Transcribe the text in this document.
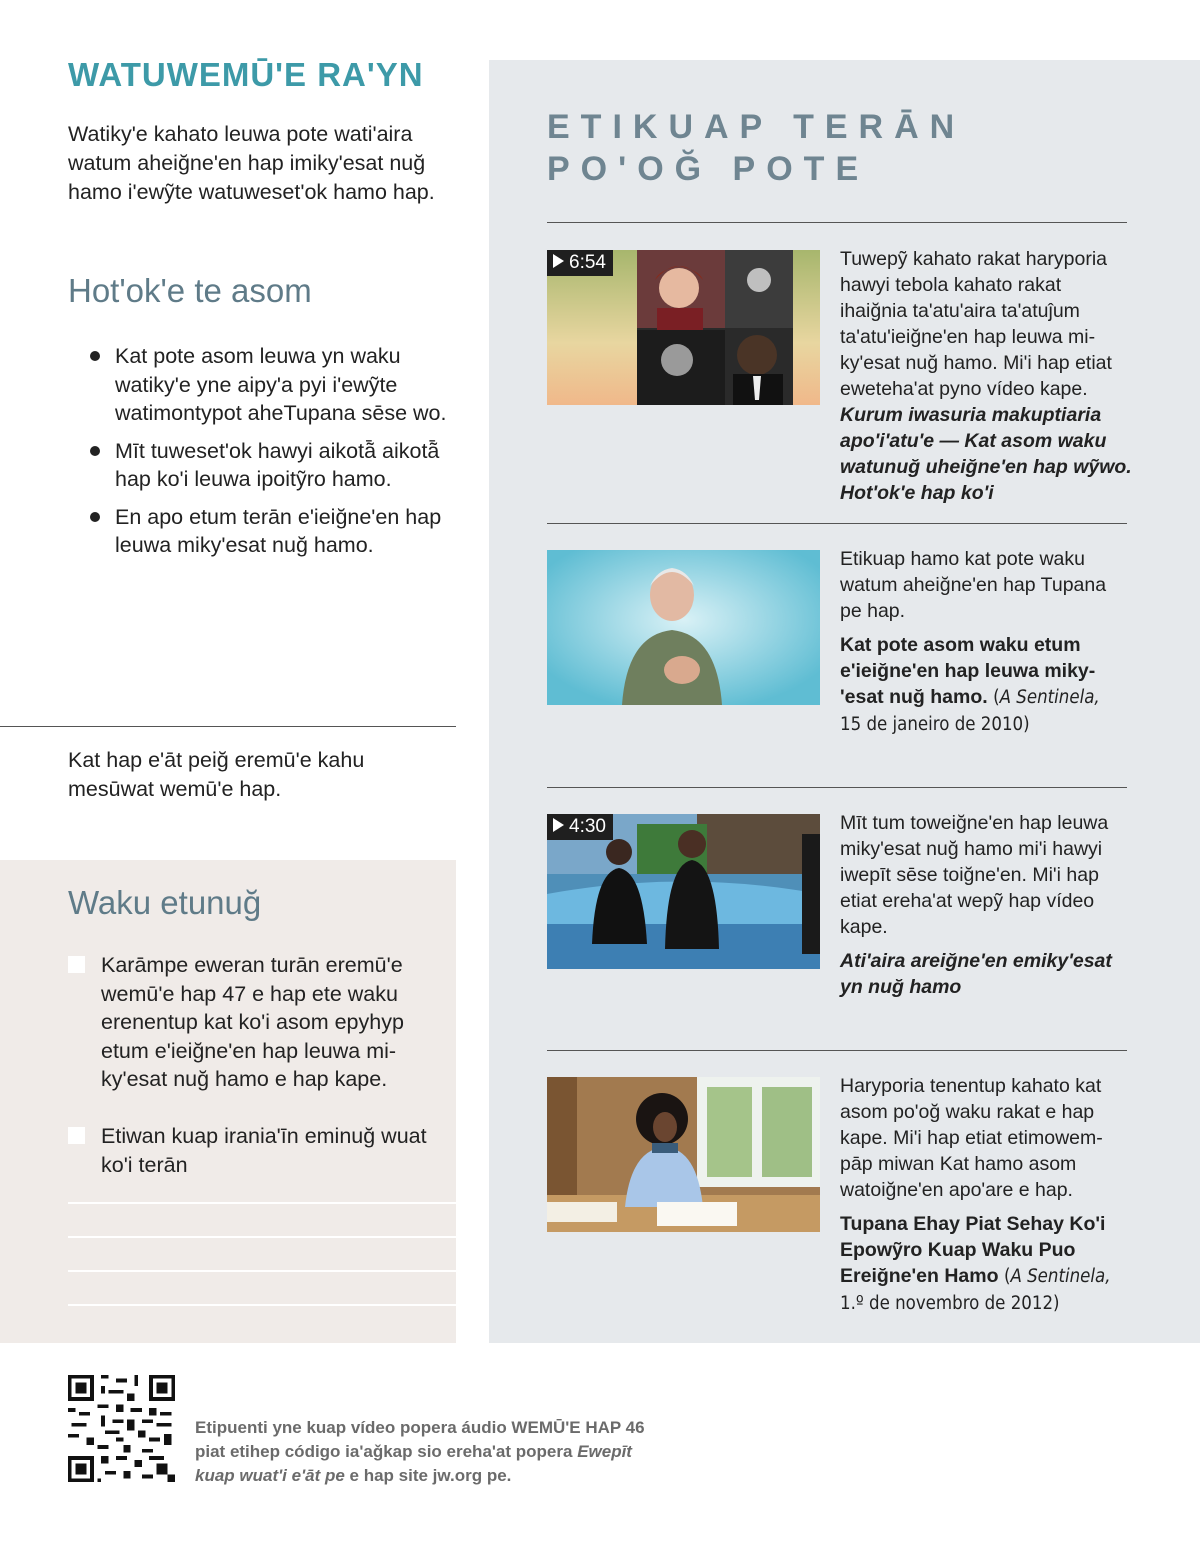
WATUWEMŪ'E RA'YN
Watiky'e kahato leuwa pote wati'aira watum aheiğne'en hap imiky'esat nuğ hamo i'ewỹte watuweset'ok hamo hap.
Hot'ok'e te asom
Kat pote asom leuwa yn waku watiky'e yne aipy'a pyi i'ewỹte watimontypot aheTupana sēse wo.
Mīt tuweset'ok hawyi aikotã̄ aikotã̄ hap ko'i leuwa ipoitỹro hamo.
En apo etum terān e'ieiğne'en hap leuwa miky'esat nuğ hamo.
Kat hap e'āt peiğ eremū'e kahu mesūwat wemū'e hap.
Waku etunuğ
Karāmpe eweran turān eremū'e wemū'e hap 47 e hap ete waku erenentup kat ko'i asom epyhyp etum e'ieiğne'en hap leuwa mi-ky'esat nuğ hamo e hap kape.
Etiwan kuap irania'īn eminuğ wuat ko'i terān
ETIKUAP TERĀN
PO'OĞ POTE
6:54	Tuwepỹ kahato rakat haryporia hawyi tebola kahato rakat ihaiğnia ta'atu'aira ta'atuĵum ta'atu'ieiğne'en hap leuwa mi-ky'esat nuğ hamo. Mi'i hap etiat eweteha'at pyno vídeo kape.

Kurum iwasuria makuptiaria apo'i'atu'e — Kat asom waku watunuğ uheiğne'en hap wỹwo. Hot'ok'e hap ko'i

Etikuap hamo kat pote waku watum aheiğne'en hap Tupana pe hap.

Kat pote asom waku etum e'ieiğne'en hap leuwa miky-'esat nuğ hamo. (A Sentinela,
15 de janeiro de 2010)

4:30	Mīt tum toweiğne'en hap leuwa miky'esat nuğ hamo mi'i hawyi iwepīt sēse toiğne'en. Mi'i hap etiat ereha'at wepỹ hap vídeo kape.

Ati'aira areiğne'en emiky'esat yn nuğ hamo

Haryporia tenentup kahato kat asom po'oğ waku rakat e hap kape. Mi'i hap etiat etimowem-pāp miwan Kat hamo asom watoiğne'en apo'are e hap.

Tupana Ehay Piat Sehay Ko'i Epowỹro Kuap Waku Puo Ereiğne'en Hamo (A Sentinela,
1.º de novembro de 2012)

Etipuenti yne kuap vídeo popera áudio WEMŪ'E HAP 46
piat etihep código ia'aǧkap sio ereha'at popera Ewepīt
kuap wuat'i e'āt pe e hap site jw.org pe.
